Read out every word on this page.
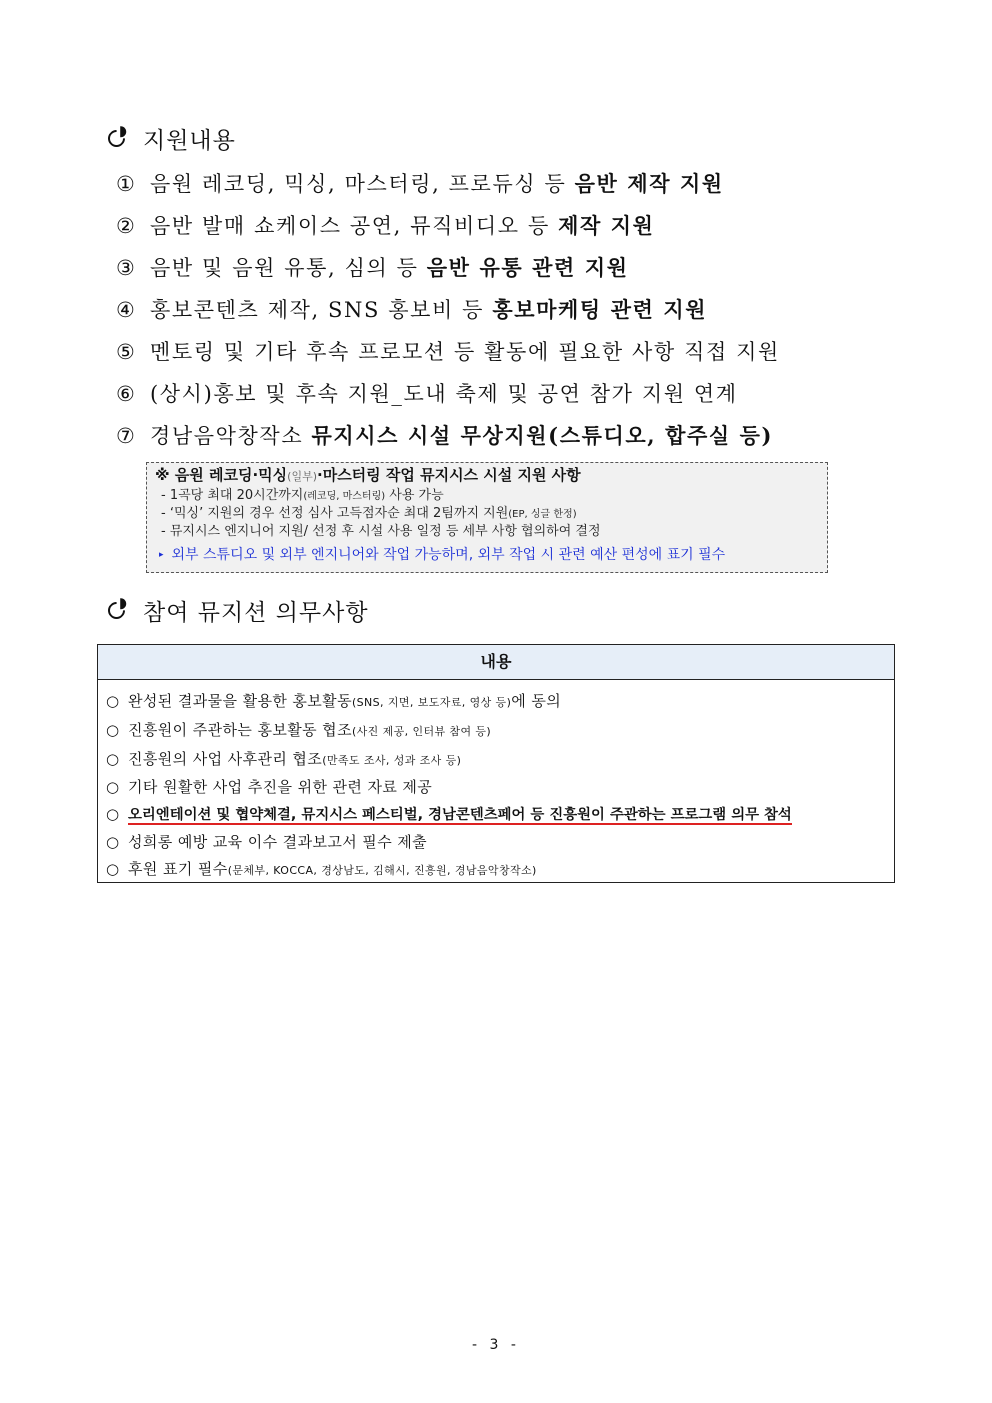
지원내용
① 음원 레코딩, 믹싱, 마스터링, 프로듀싱 등 음반 제작 지원
② 음반 발매 쇼케이스 공연, 뮤직비디오 등 제작 지원
③ 음반 및 음원 유통, 심의 등 음반 유통 관련 지원
④ 홍보콘텐츠 제작, SNS 홍보비 등 홍보마케팅 관련 지원
⑤ 멘토링 및 기타 후속 프로모션 등 활동에 필요한 사항 직접 지원
⑥ (상시)홍보 및 후속 지원_도내 축제 및 공연 참가 지원 연계
⑦ 경남음악창작소 뮤지시스 시설 무상지원(스튜디오, 합주실 등)
※ 음원 레코딩·믹싱(일부)·마스터링 작업 뮤지시스 시설 지원 사항
- 1곡당 최대 20시간까지(레코딩, 마스터링) 사용 가능
- ‘믹싱’ 지원의 경우 선정 심사 고득점자순 최대 2팀까지 지원(EP, 싱글 한정)
- 뮤지시스 엔지니어 지원/ 선정 후 시설 사용 일정 등 세부 사항 협의하여 결정
▸ 외부 스튜디오 및 외부 엔지니어와 작업 가능하며, 외부 작업 시 관련 예산 편성에 표기 필수
참여 뮤지션 의무사항
내용
○ 완성된 결과물을 활용한 홍보활동(SNS, 지면, 보도자료, 영상 등)에 동의
○ 진흥원이 주관하는 홍보활동 협조(사진 제공, 인터뷰 참여 등)
○ 진흥원의 사업 사후관리 협조(만족도 조사, 성과 조사 등)
○ 기타 원활한 사업 추진을 위한 관련 자료 제공
○ 오리엔테이션 및 협약체결, 뮤지시스 페스티벌, 경남콘텐츠페어 등 진흥원이 주관하는 프로그램 의무 참석
○ 성희롱 예방 교육 이수 결과보고서 필수 제출
○ 후원 표기 필수(문체부, KOCCA, 경상남도, 김해시, 진흥원, 경남음악창작소)
- 3 -
